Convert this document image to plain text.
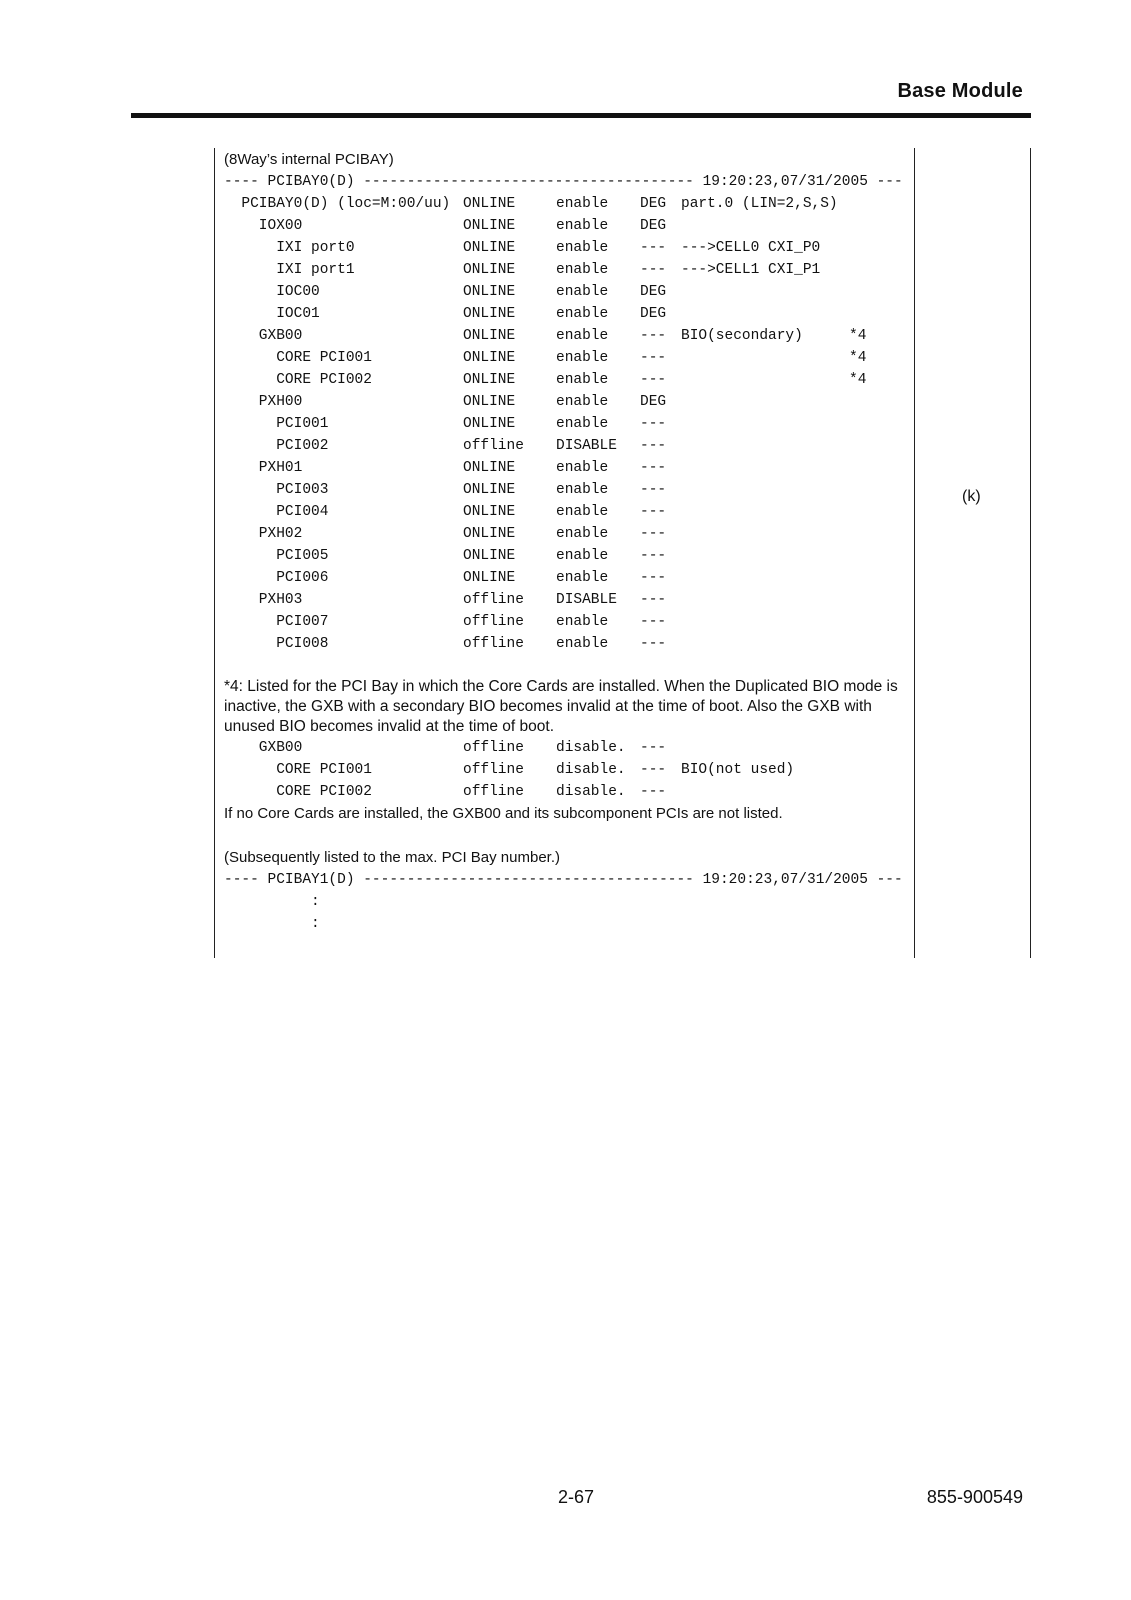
Base Module
(k)
(8Way’s internal PCIBAY)
---- PCIBAY0(D) -------------------------------------- 19:20:23,07/31/2005 ---
PCIBAY0(D) (loc=M:00/uu) ONLINE	enable DEG part.0 (LIN=2,S,S)
IOX00	ONLINE	enable DEG
IXI port0	ONLINE	enable --- --->CELL0 CXI_P0
IXI port1	ONLINE	enable --- --->CELL1 CXI_P1
IOC00	ONLINE	enable DEG
IOC01	ONLINE	enable DEG
GXB00	ONLINE	enable --- BIO(secondary)	*4
CORE PCI001	ONLINE	enable ---	*4
CORE PCI002	ONLINE	enable ---	*4
PXH00	ONLINE	enable DEG
PCI001	ONLINE	enable ---
PCI002	offline DISABLE ---
PXH01	ONLINE	enable ---
PCI003	ONLINE	enable ---
PCI004	ONLINE	enable ---
PXH02	ONLINE	enable ---
PCI005	ONLINE	enable ---
PCI006	ONLINE	enable ---
PXH03	offline DISABLE ---
PCI007	offline enable ---
PCI008	offline enable ---
*4: Listed for the PCI Bay in which the Core Cards are installed. When the Duplicated BIO mode is inactive, the GXB with a secondary BIO becomes invalid at the time of boot. Also the GXB with unused BIO becomes invalid at the time of boot.
GXB00	offline disable. ---
CORE PCI001	offline disable. --- BIO(not used)
CORE PCI002	offline disable. ---
If no Core Cards are installed, the GXB00 and its subcomponent PCIs are not listed.
(Subsequently listed to the max. PCI Bay number.)
---- PCIBAY1(D) -------------------------------------- 19:20:23,07/31/2005 ---
:
:
2-67	855-900549
